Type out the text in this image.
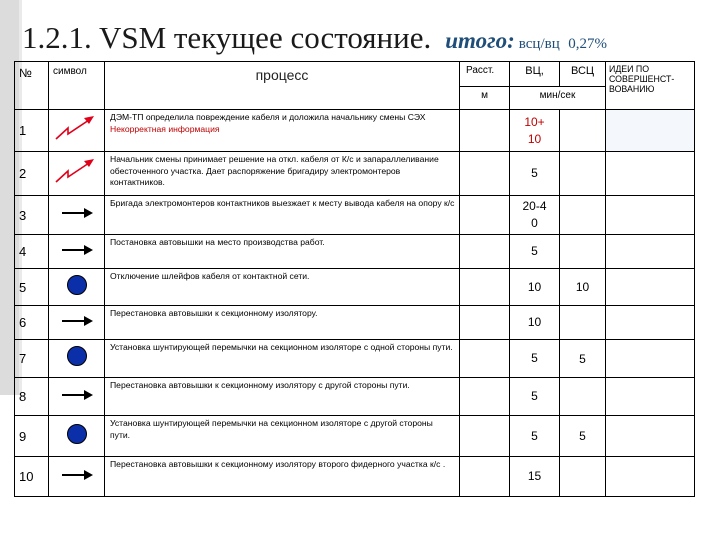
1.2.1. VSM текущее состояние. итого: всц/вц 0,27%
№	символ	процесс	Расст.	ВЦ,	ВСЦ	ИДЕИ ПО СОВЕРШЕНСТ-ВОВАНИЮ
			м	мин/сек		
1		ДЭМ-ТП определила повреждение кабеля и доложила начальнику смены СЭХ Некорректная информация		10+ 10		
2		Начальник смены принимает решение на откл. кабеля от К/с и запараллеливание обесточенного участка. Дает распоряжение бригадиру электромонтеров контактников.		5		
3		Бригада электромонтеров контактников выезжает к месту вывода кабеля на опору к/с		20-40		
4		Постановка автовышки на место производства работ.		5		
5		Отключение шлейфов кабеля от контактной сети.		10	10	
6		Перестановка автовышки к секционному изолятору.		10		
7		Установка шунтирующей перемычки на секционном изоляторе с одной стороны пути.		5	5	
8		Перестановка автовышки к секционному изолятору с другой стороны пути.		5		
9		Установка шунтирующей перемычки на секционном изоляторе с другой стороны пути.		5	5	
10		Перестановка автовышки к секционному изолятору второго фидерного участка к/с .		15		
